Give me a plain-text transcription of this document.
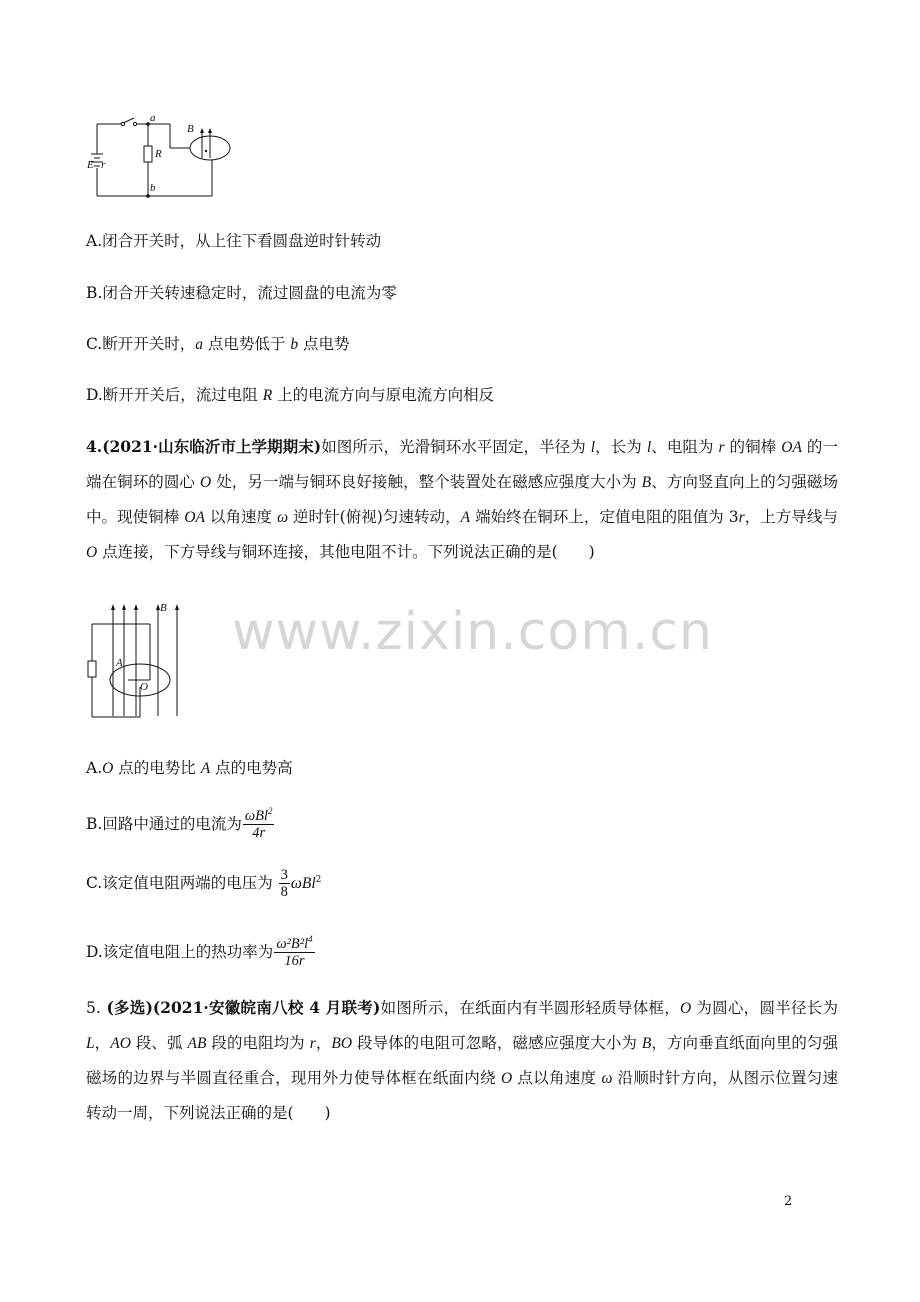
a
b
B
R
E r
A.闭合开关时，从上往下看圆盘逆时针转动
B.闭合开关转速稳定时，流过圆盘的电流为零
C.断开开关时，a 点电势低于 b 点电势
D.断开开关后，流过电阻 R 上的电流方向与原电流方向相反
4.(2021·山东临沂市上学期期末)如图所示，光滑铜环水平固定，半径为 l，长为 l、电阻为 r 的铜棒 OA 的一端在铜环的圆心 O 处，另一端与铜环良好接触，整个装置处在磁感应强度大小为 B、方向竖直向上的匀强磁场中。现使铜棒 OA 以角速度 ω 逆时针(俯视)匀速转动，A 端始终在铜环上，定值电阻的阻值为 3r，上方导线与 O 点连接，下方导线与铜环连接，其他电阻不计。下列说法正确的是(　　)
B
A
O
www.zixin.com.cn
A.O 点的电势比 A 点的电势高
B.回路中通过的电流为 $\frac{\omega Bl^2}{4r}$
C.该定值电阻两端的电压为 $\frac{3}{8} \omega Bl^2$
D.该定值电阻上的热功率为 $\frac{\omega^2B^2l^4}{16r}$
5. (多选)(2021·安徽皖南八校 4 月联考)如图所示，在纸面内有半圆形轻质导体框，O 为圆心，圆半径长为 L，AO 段、弧 AB 段的电阻均为 r，BO 段导体的电阻可忽略，磁感应强度大小为 B，方向垂直纸面向里的匀强磁场的边界与半圆直径重合，现用外力使导体框在纸面内绕 O 点以角速度 ω 沿顺时针方向，从图示位置匀速转动一周，下列说法正确的是(　　)
2
